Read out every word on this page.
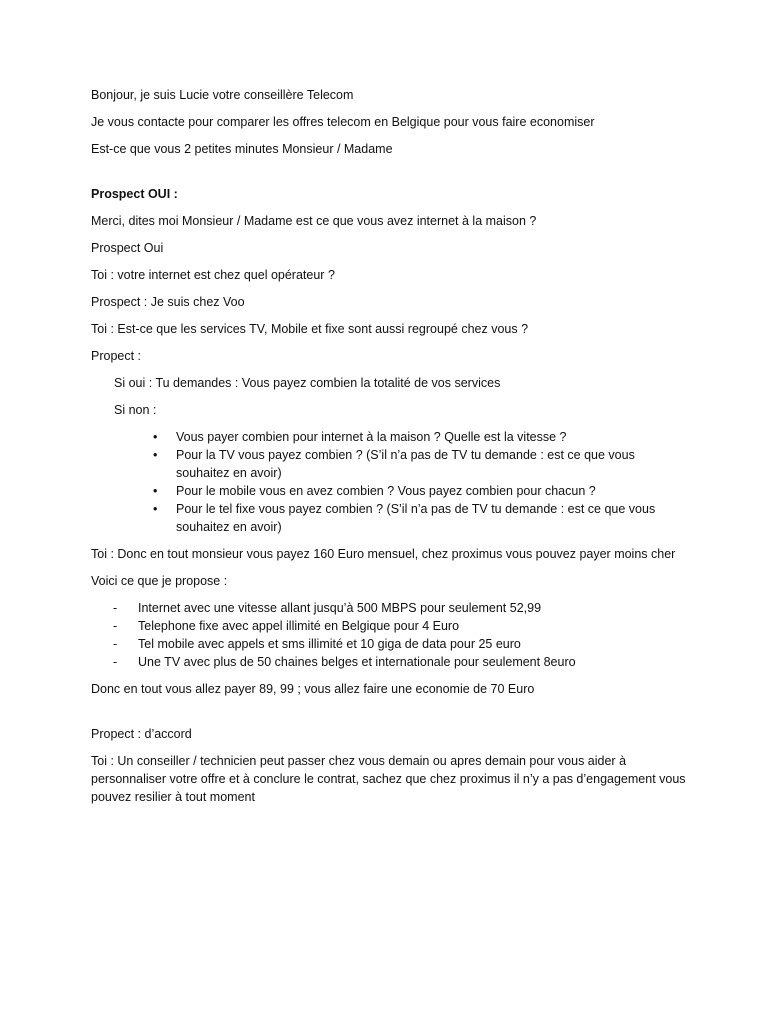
Bonjour, je suis Lucie votre conseillère Telecom

Je vous contacte pour comparer les offres telecom en Belgique pour vous faire economiser

Est-ce que vous 2 petites minutes Monsieur / Madame

Prospect OUI :

Merci, dites moi Monsieur / Madame est ce que vous avez internet à la maison ?

Prospect Oui

Toi : votre internet est chez quel opérateur ?

Prospect : Je suis chez Voo

Toi : Est-ce que les services TV, Mobile et fixe sont aussi regroupé chez vous ?

Propect :

Si oui : Tu demandes : Vous payez combien la totalité de vos services

Si non :

• Vous payer combien pour internet à la maison ? Quelle est la vitesse ?
• Pour la TV vous payez combien ? (S’il n’a pas de TV tu demande : est ce que vous souhaitez en avoir)
• Pour le mobile vous en avez combien ? Vous payez combien pour chacun ?
• Pour le tel fixe vous payez combien ? (S’il n’a pas de TV tu demande : est ce que vous souhaitez en avoir)

Toi : Donc en tout monsieur vous payez 160 Euro mensuel, chez proximus vous pouvez payer moins cher

Voici ce que je propose :

- Internet avec une vitesse allant jusqu’à 500 MBPS pour seulement 52,99
- Telephone fixe avec appel illimité en Belgique pour 4 Euro
- Tel mobile avec appels et sms illimité et 10 giga de data pour 25 euro
- Une TV avec plus de 50 chaines belges et internationale pour seulement 8euro

Donc en tout vous allez payer 89, 99 ; vous allez faire une economie de 70 Euro

Propect : d’accord

Toi : Un conseiller / technicien peut passer chez vous demain ou apres demain pour vous aider à personnaliser votre offre et à conclure le contrat, sachez que chez proximus il n’y a pas d’engagement vous pouvez resilier à tout moment
